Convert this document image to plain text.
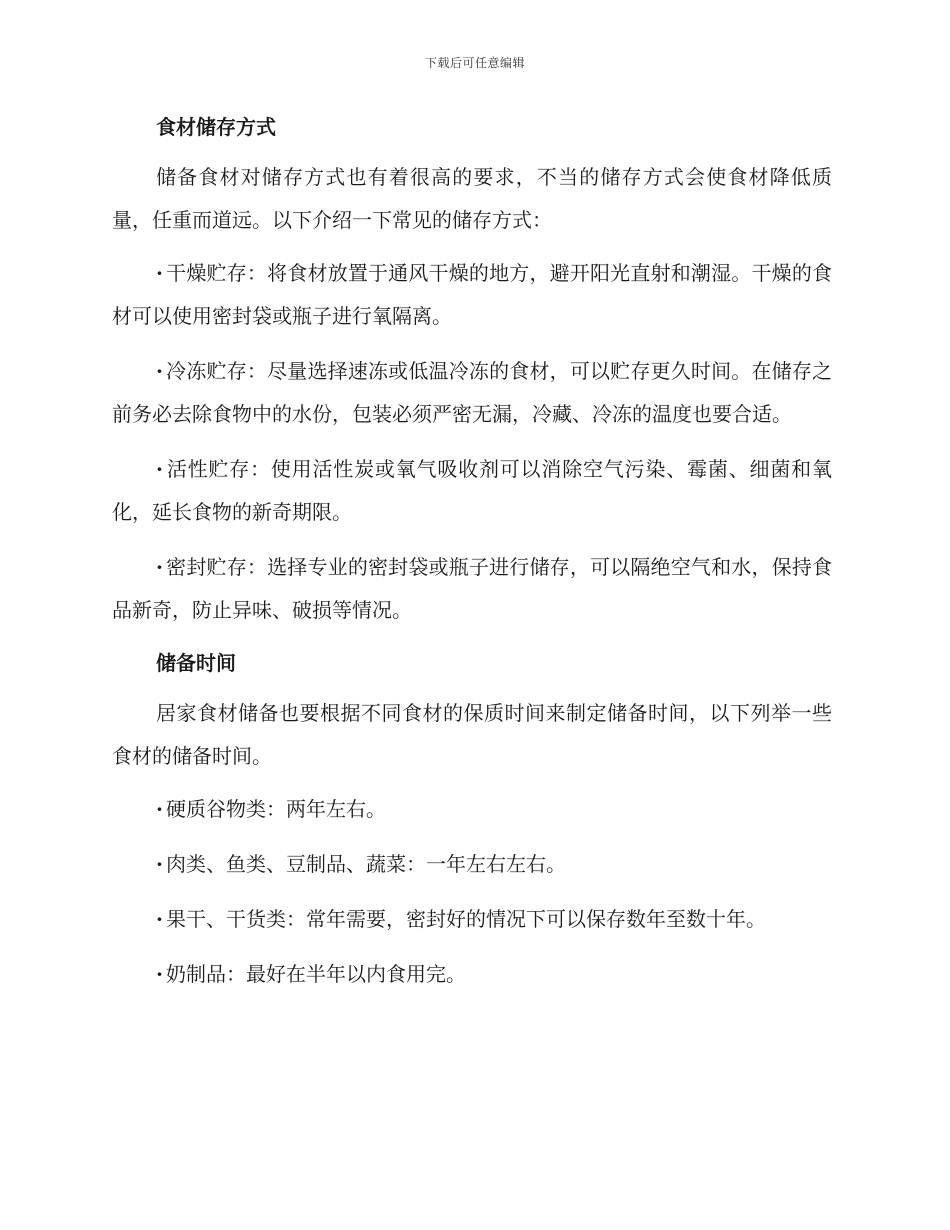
下载后可任意编辑
食材储存方式

储备食材对储存方式也有着很高的要求，不当的储存方式会使食材降低质量，任重而道远。以下介绍一下常见的储存方式：

· 干燥贮存：将食材放置于通风干燥的地方，避开阳光直射和潮湿。干燥的食材可以使用密封袋或瓶子进行氧隔离。

· 冷冻贮存：尽量选择速冻或低温冷冻的食材，可以贮存更久时间。在储存之前务必去除食物中的水份，包装必须严密无漏，冷藏、冷冻的温度也要合适。

· 活性贮存：使用活性炭或氧气吸收剂可以消除空气污染、霉菌、细菌和氧化，延长食物的新奇期限。

· 密封贮存：选择专业的密封袋或瓶子进行储存，可以隔绝空气和水，保持食品新奇，防止异味、破损等情况。

储备时间

居家食材储备也要根据不同食材的保质时间来制定储备时间，以下列举一些食材的储备时间。

· 硬质谷物类：两年左右。

· 肉类、鱼类、豆制品、蔬菜：一年左右左右。

· 果干、干货类：常年需要，密封好的情况下可以保存数年至数十年。

· 奶制品：最好在半年以内食用完。
